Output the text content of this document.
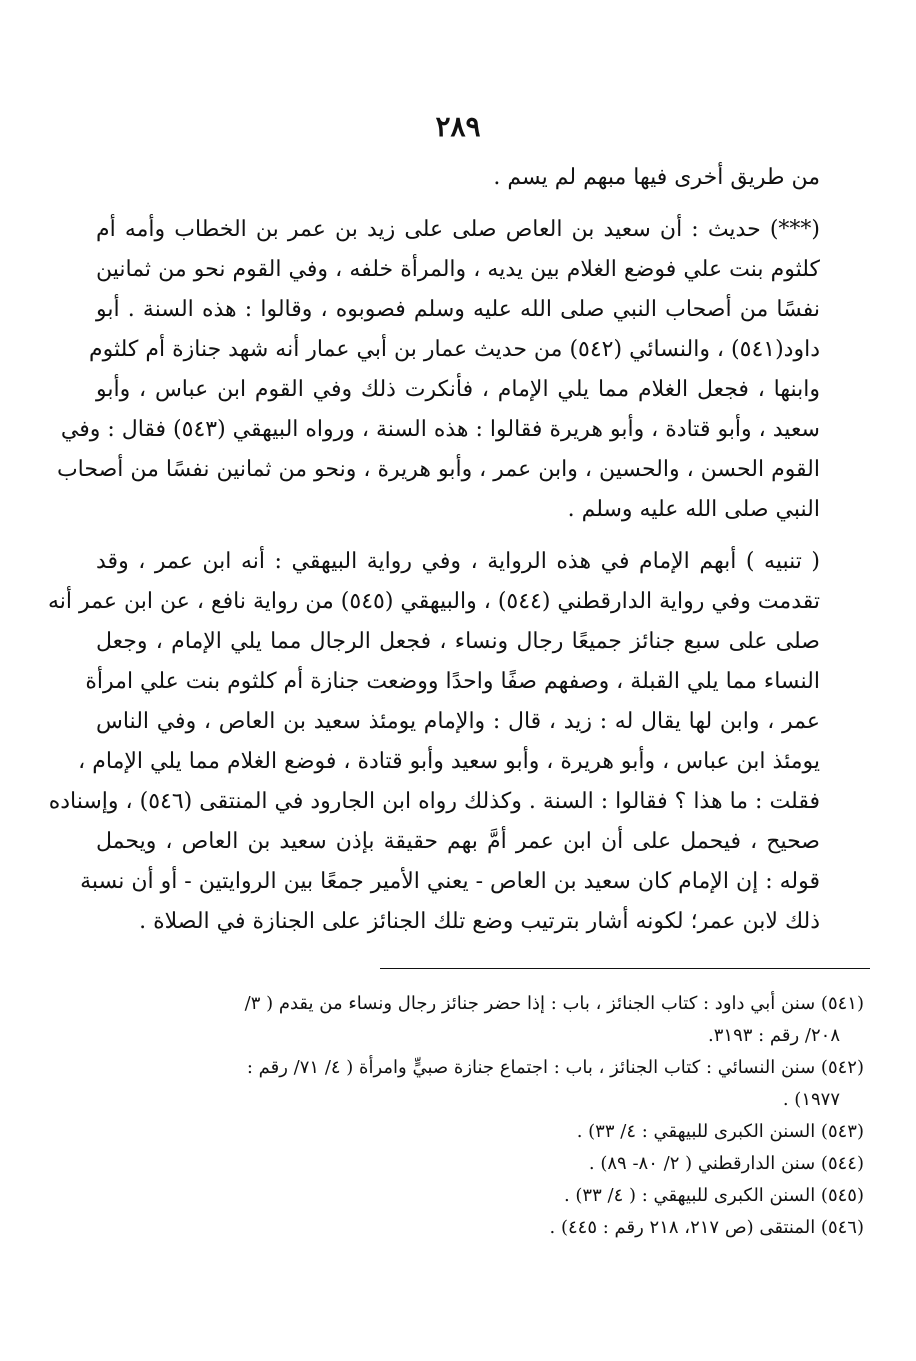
٢٨٩

من طريق أخرى فيها مبهم لم يسم .

(***) حديث : أن سعيد بن العاص صلى على زيد بن عمر بن الخطاب وأمه أم
كلثوم بنت علي فوضع الغلام بين يديه ، والمرأة خلفه ، وفي القوم نحو من ثمانين
نفسًا من أصحاب النبي صلى الله عليه وسلم فصوبوه ، وقالوا : هذه السنة . أبو
داود(٥٤١) ، والنسائي (٥٤٢) من حديث عمار بن أبي عمار أنه شهد جنازة أم كلثوم
وابنها ، فجعل الغلام مما يلي الإمام ، فأنكرت ذلك وفي القوم ابن عباس ، وأبو
سعيد ، وأبو قتادة ، وأبو هريرة فقالوا : هذه السنة ، ورواه البيهقي (٥٤٣) فقال : وفي
القوم الحسن ، والحسين ، وابن عمر ، وأبو هريرة ، ونحو من ثمانين نفسًا من أصحاب
النبي صلى الله عليه وسلم .

( تنبيه ) أبهم الإمام في هذه الرواية ، وفي رواية البيهقي : أنه ابن عمر ، وقد
تقدمت وفي رواية الدارقطني (٥٤٤) ، والبيهقي (٥٤٥) من رواية نافع ، عن ابن عمر أنه
صلى على سبع جنائز جميعًا رجال ونساء ، فجعل الرجال مما يلي الإمام ، وجعل
النساء مما يلي القبلة ، وصفهم صفًا واحدًا ووضعت جنازة أم كلثوم بنت علي امرأة
عمر ، وابن لها يقال له : زيد ، قال : والإمام يومئذ سعيد بن العاص ، وفي الناس
يومئذ ابن عباس ، وأبو هريرة ، وأبو سعيد وأبو قتادة ، فوضع الغلام مما يلي الإمام ،
فقلت : ما هذا ؟ فقالوا : السنة . وكذلك رواه ابن الجارود في المنتقى (٥٤٦) ، وإسناده
صحيح ، فيحمل على أن ابن عمر أمَّ بهم حقيقة بإذن سعيد بن العاص ، ويحمل
قوله : إن الإمام كان سعيد بن العاص - يعني الأمير جمعًا بين الروايتين - أو أن نسبة
ذلك لابن عمر؛ لكونه أشار بترتيب وضع تلك الجنائز على الجنازة في الصلاة .

(٥٤١) سنن أبي داود : كتاب الجنائز ، باب : إذا حضر جنائز رجال ونساء من يقدم ( ٣/
٢٠٨/ رقم : ٣١٩٣.
(٥٤٢) سنن النسائي : كتاب الجنائز ، باب : اجتماع جنازة صبيٍّ وامرأة ( ٤/ ٧١/ رقم :
١٩٧٧) .
(٥٤٣) السنن الكبرى للبيهقي : ٤/ ٣٣) .
(٥٤٤) سنن الدارقطني ( ٢/ ٨٠- ٨٩) .
(٥٤٥) السنن الكبرى للبيهقي : ( ٤/ ٣٣) .
(٥٤٦) المنتقى (ص ٢١٧، ٢١٨ رقم : ٤٤٥) .
